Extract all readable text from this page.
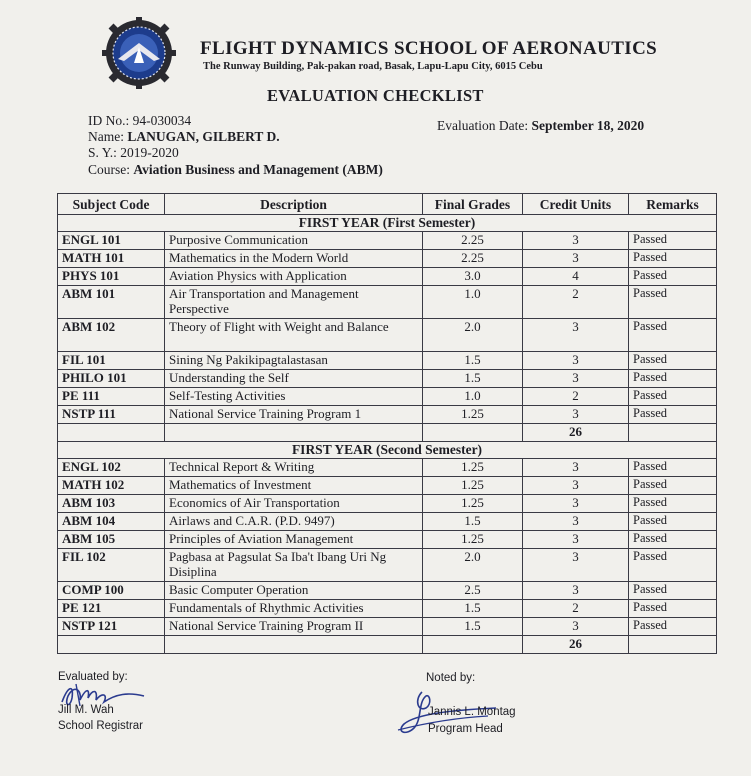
FLIGHT DYNAMICS SCHOOL OF AERONAUTICS
The Runway Building, Pak-pakan road, Basak, Lapu-Lapu City, 6015 Cebu
EVALUATION CHECKLIST
ID No.: 94-030034
Name: LANUGAN, GILBERT D.
S. Y.: 2019-2020
Course: Aviation Business and Management (ABM)
Evaluation Date: September 18, 2020
Subject Code	Description	Final Grades	Credit Units	Remarks
FIRST YEAR (First Semester)				
ENGL 101	Purposive Communication	2.25	3	Passed
MATH 101	Mathematics in the Modern World	2.25	3	Passed
PHYS 101	Aviation Physics with Application	3.0	4	Passed
ABM 101	Air Transportation and Management Perspective	1.0	2	Passed
ABM 102	Theory of Flight with Weight and Balance	2.0	3	Passed
FIL 101	Sining Ng Pakikipagtalastasan	1.5	3	Passed
PHILO 101	Understanding the Self	1.5	3	Passed
PE 111	Self-Testing Activities	1.0	2	Passed
NSTP 111	National Service Training Program 1	1.25	3	Passed
			26	
FIRST YEAR (Second Semester)				
ENGL 102	Technical Report & Writing	1.25	3	Passed
MATH 102	Mathematics of Investment	1.25	3	Passed
ABM 103	Economics of Air Transportation	1.25	3	Passed
ABM 104	Airlaws and C.A.R. (P.D. 9497)	1.5	3	Passed
ABM 105	Principles of Aviation Management	1.25	3	Passed
FIL 102	Pagbasa at Pagsulat Sa Iba't Ibang Uri Ng Disiplina	2.0	3	Passed
COMP 100	Basic Computer Operation	2.5	3	Passed
PE 121	Fundamentals of Rhythmic Activities	1.5	2	Passed
NSTP 121	National Service Training Program II	1.5	3	Passed
			26	
Evaluated by:
Jill M. Wah
School Registrar
Noted by:
Jannis L. Montag
Program Head
